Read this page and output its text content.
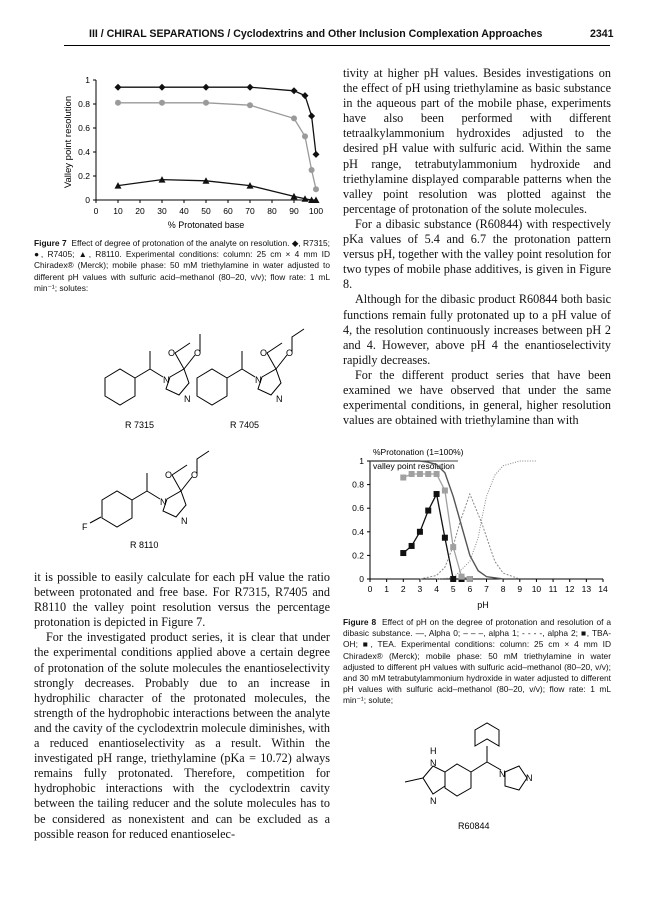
III / CHIRAL SEPARATIONS / Cyclodextrins and Other Inclusion Complexation Approaches	2341
0
0.2
0.4
0.6
0.8
1
0 10 20 30 40 50 60 70 80 90 100
% Protonated base
Valley point resolution
Figure 7 Effect of degree of protonation of the analyte on resolution. ◆, R7315; ●, R7405; ▲, R8110. Experimental conditions: column: 25 cm × 4 mm ID Chiradex® (Merck); mobile phase: 50 mM triethylamine in water adjusted to different pH values with sulfuric acid–methanol (80–20, v/v); flow rate: 1 mL min⁻¹; solutes:
O O
N
N
R 7315
O O
N
N
R 7405
F
O O
N
N
R 8110

it is possible to easily calculate for each pH value the ratio between protonated and free base. For R7315, R7405 and R8110 the valley point resolution versus the percentage protonation is depicted in Figure 7.

For the investigated product series, it is clear that under the experimental conditions applied above a certain degree of protonation of the solute molecules the enantioselectivity strongly decreases. Probably due to an increase in hydrophilic character of the protonated molecules, the strength of the hydrophobic interactions between the analyte and the cavity of the cyclodextrin molecule diminishes, with a reduced enantioselectivity as a result. Within the investigated pH range, triethylamine (pKa = 10.72) always remains fully protonated. Therefore, competition for hydrophobic interactions with the cyclodextrin cavity between the tailing reducer and the solute molecules has to be considered as nonexistent and can be excluded as a possible reason for reduced enantioselec-

tivity at higher pH values. Besides investigations on the effect of pH using triethylamine as basic substance in the aqueous part of the mobile phase, experiments have also been performed with different tetraalkylammonium hydroxides adjusted to the desired pH value with sulfuric acid. Within the same pH range, tetrabutylammonium hydroxide and triethylamine displayed comparable patterns when the valley point resolution was plotted against the percentage of protonation of the solute molecules.

For a dibasic substance (R60844) with respectively pKa values of 5.4 and 6.7 the protonation pattern versus pH, together with the valley point resolution for two types of mobile phase additives, is given in Figure 8.

Although for the dibasic product R60844 both basic functions remain fully protonated up to a pH value of 4, the resolution continuously increases between pH 2 and 4. However, above pH 4 the enantioselectivity rapidly decreases.

For the different product series that have been examined we have observed that under the same experimental conditions, in general, higher resolution values are obtained with triethylamine than with

%Protonation (1=100%)
valley point resolution
0
0.2
0.4
0.6
0.8
1
0 1 2 3 4 5 6 7 8 9 10 11 12 13 14
pH
Figure 8 Effect of pH on the degree of protonation and resolution of a dibasic substance. —, Alpha 0; – – –, alpha 1; - - - -, alpha 2; ■, TBA-OH; ■, TEA. Experimental conditions: column: 25 cm × 4 mm ID Chiradex® (Merck); mobile phase: 50 mM triethylamine in water adjusted to different pH values with sulfuric acid–methanol (80–20, v/v); and 30 mM tetrabutylammonium hydroxide in water adjusted to different pH values with sulfuric acid–methanol (80–20, v/v); flow rate: 1 mL min⁻¹; solute;
H
N
N
N N
R60844
